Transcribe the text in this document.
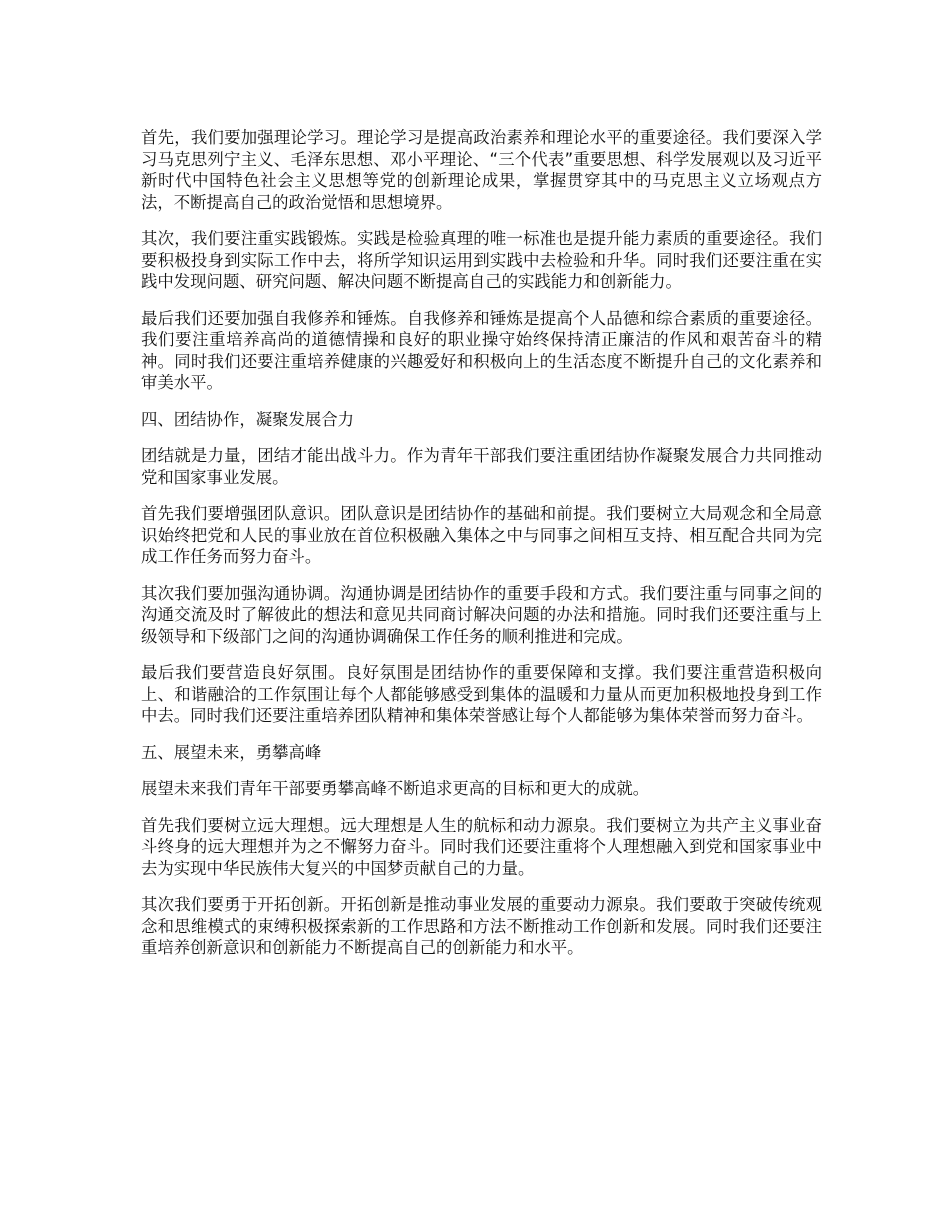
首先，我们要加强理论学习。理论学习是提高政治素养和理论水平的重要途径。我们要深入学习马克思列宁主义、毛泽东思想、邓小平理论、“三个代表”重要思想、科学发展观以及习近平新时代中国特色社会主义思想等党的创新理论成果，掌握贯穿其中的马克思主义立场观点方法，不断提高自己的政治觉悟和思想境界。

其次，我们要注重实践锻炼。实践是检验真理的唯一标准也是提升能力素质的重要途径。我们要积极投身到实际工作中去，将所学知识运用到实践中去检验和升华。同时我们还要注重在实践中发现问题、研究问题、解决问题不断提高自己的实践能力和创新能力。

最后我们还要加强自我修养和锤炼。自我修养和锤炼是提高个人品德和综合素质的重要途径。我们要注重培养高尚的道德情操和良好的职业操守始终保持清正廉洁的作风和艰苦奋斗的精神。同时我们还要注重培养健康的兴趣爱好和积极向上的生活态度不断提升自己的文化素养和审美水平。

四、团结协作，凝聚发展合力

团结就是力量，团结才能出战斗力。作为青年干部我们要注重团结协作凝聚发展合力共同推动党和国家事业发展。

首先我们要增强团队意识。团队意识是团结协作的基础和前提。我们要树立大局观念和全局意识始终把党和人民的事业放在首位积极融入集体之中与同事之间相互支持、相互配合共同为完成工作任务而努力奋斗。

其次我们要加强沟通协调。沟通协调是团结协作的重要手段和方式。我们要注重与同事之间的沟通交流及时了解彼此的想法和意见共同商讨解决问题的办法和措施。同时我们还要注重与上级领导和下级部门之间的沟通协调确保工作任务的顺利推进和完成。

最后我们要营造良好氛围。良好氛围是团结协作的重要保障和支撑。我们要注重营造积极向上、和谐融洽的工作氛围让每个人都能够感受到集体的温暖和力量从而更加积极地投身到工作中去。同时我们还要注重培养团队精神和集体荣誉感让每个人都能够为集体荣誉而努力奋斗。

五、展望未来，勇攀高峰

展望未来我们青年干部要勇攀高峰不断追求更高的目标和更大的成就。

首先我们要树立远大理想。远大理想是人生的航标和动力源泉。我们要树立为共产主义事业奋斗终身的远大理想并为之不懈努力奋斗。同时我们还要注重将个人理想融入到党和国家事业中去为实现中华民族伟大复兴的中国梦贡献自己的力量。

其次我们要勇于开拓创新。开拓创新是推动事业发展的重要动力源泉。我们要敢于突破传统观念和思维模式的束缚积极探索新的工作思路和方法不断推动工作创新和发展。同时我们还要注重培养创新意识和创新能力不断提高自己的创新能力和水平。
